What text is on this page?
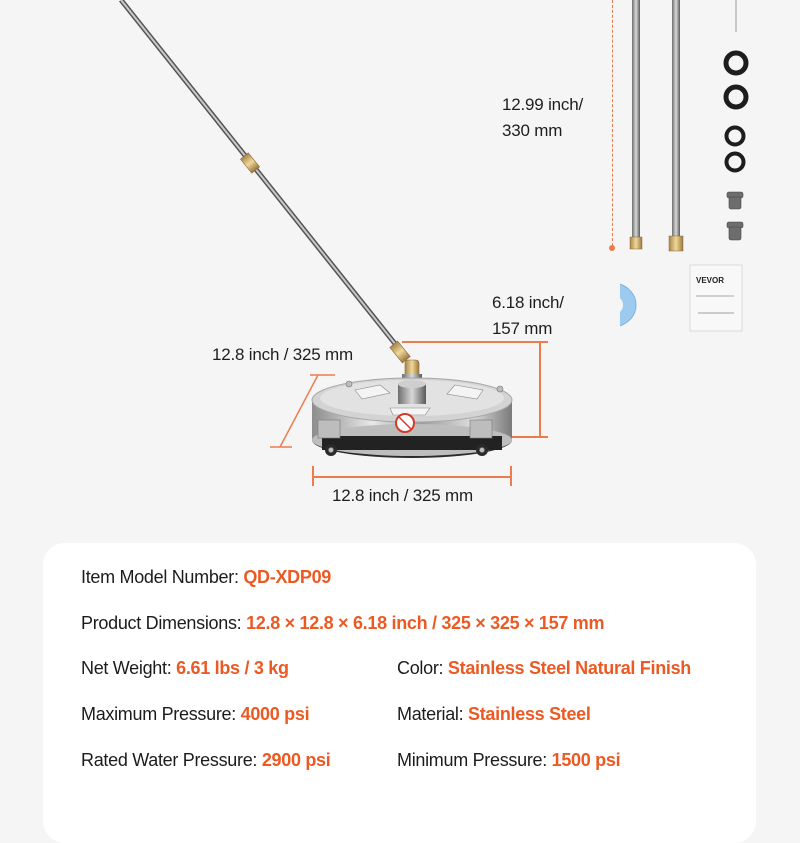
12.8 inch / 325 mm
12.8 inch / 325 mm
6.18 inch/
157 mm
12.99 inch/
330 mm
VEVOR
Item Model Number: QD-XDP09
Product Dimensions: 12.8 × 12.8 × 6.18 inch / 325 × 325 × 157 mm
Net Weight: 6.61 lbs / 3 kg	Color: Stainless Steel Natural Finish
Maximum Pressure: 4000 psi	Material: Stainless Steel
Rated Water Pressure: 2900 psi	Minimum Pressure: 1500 psi
